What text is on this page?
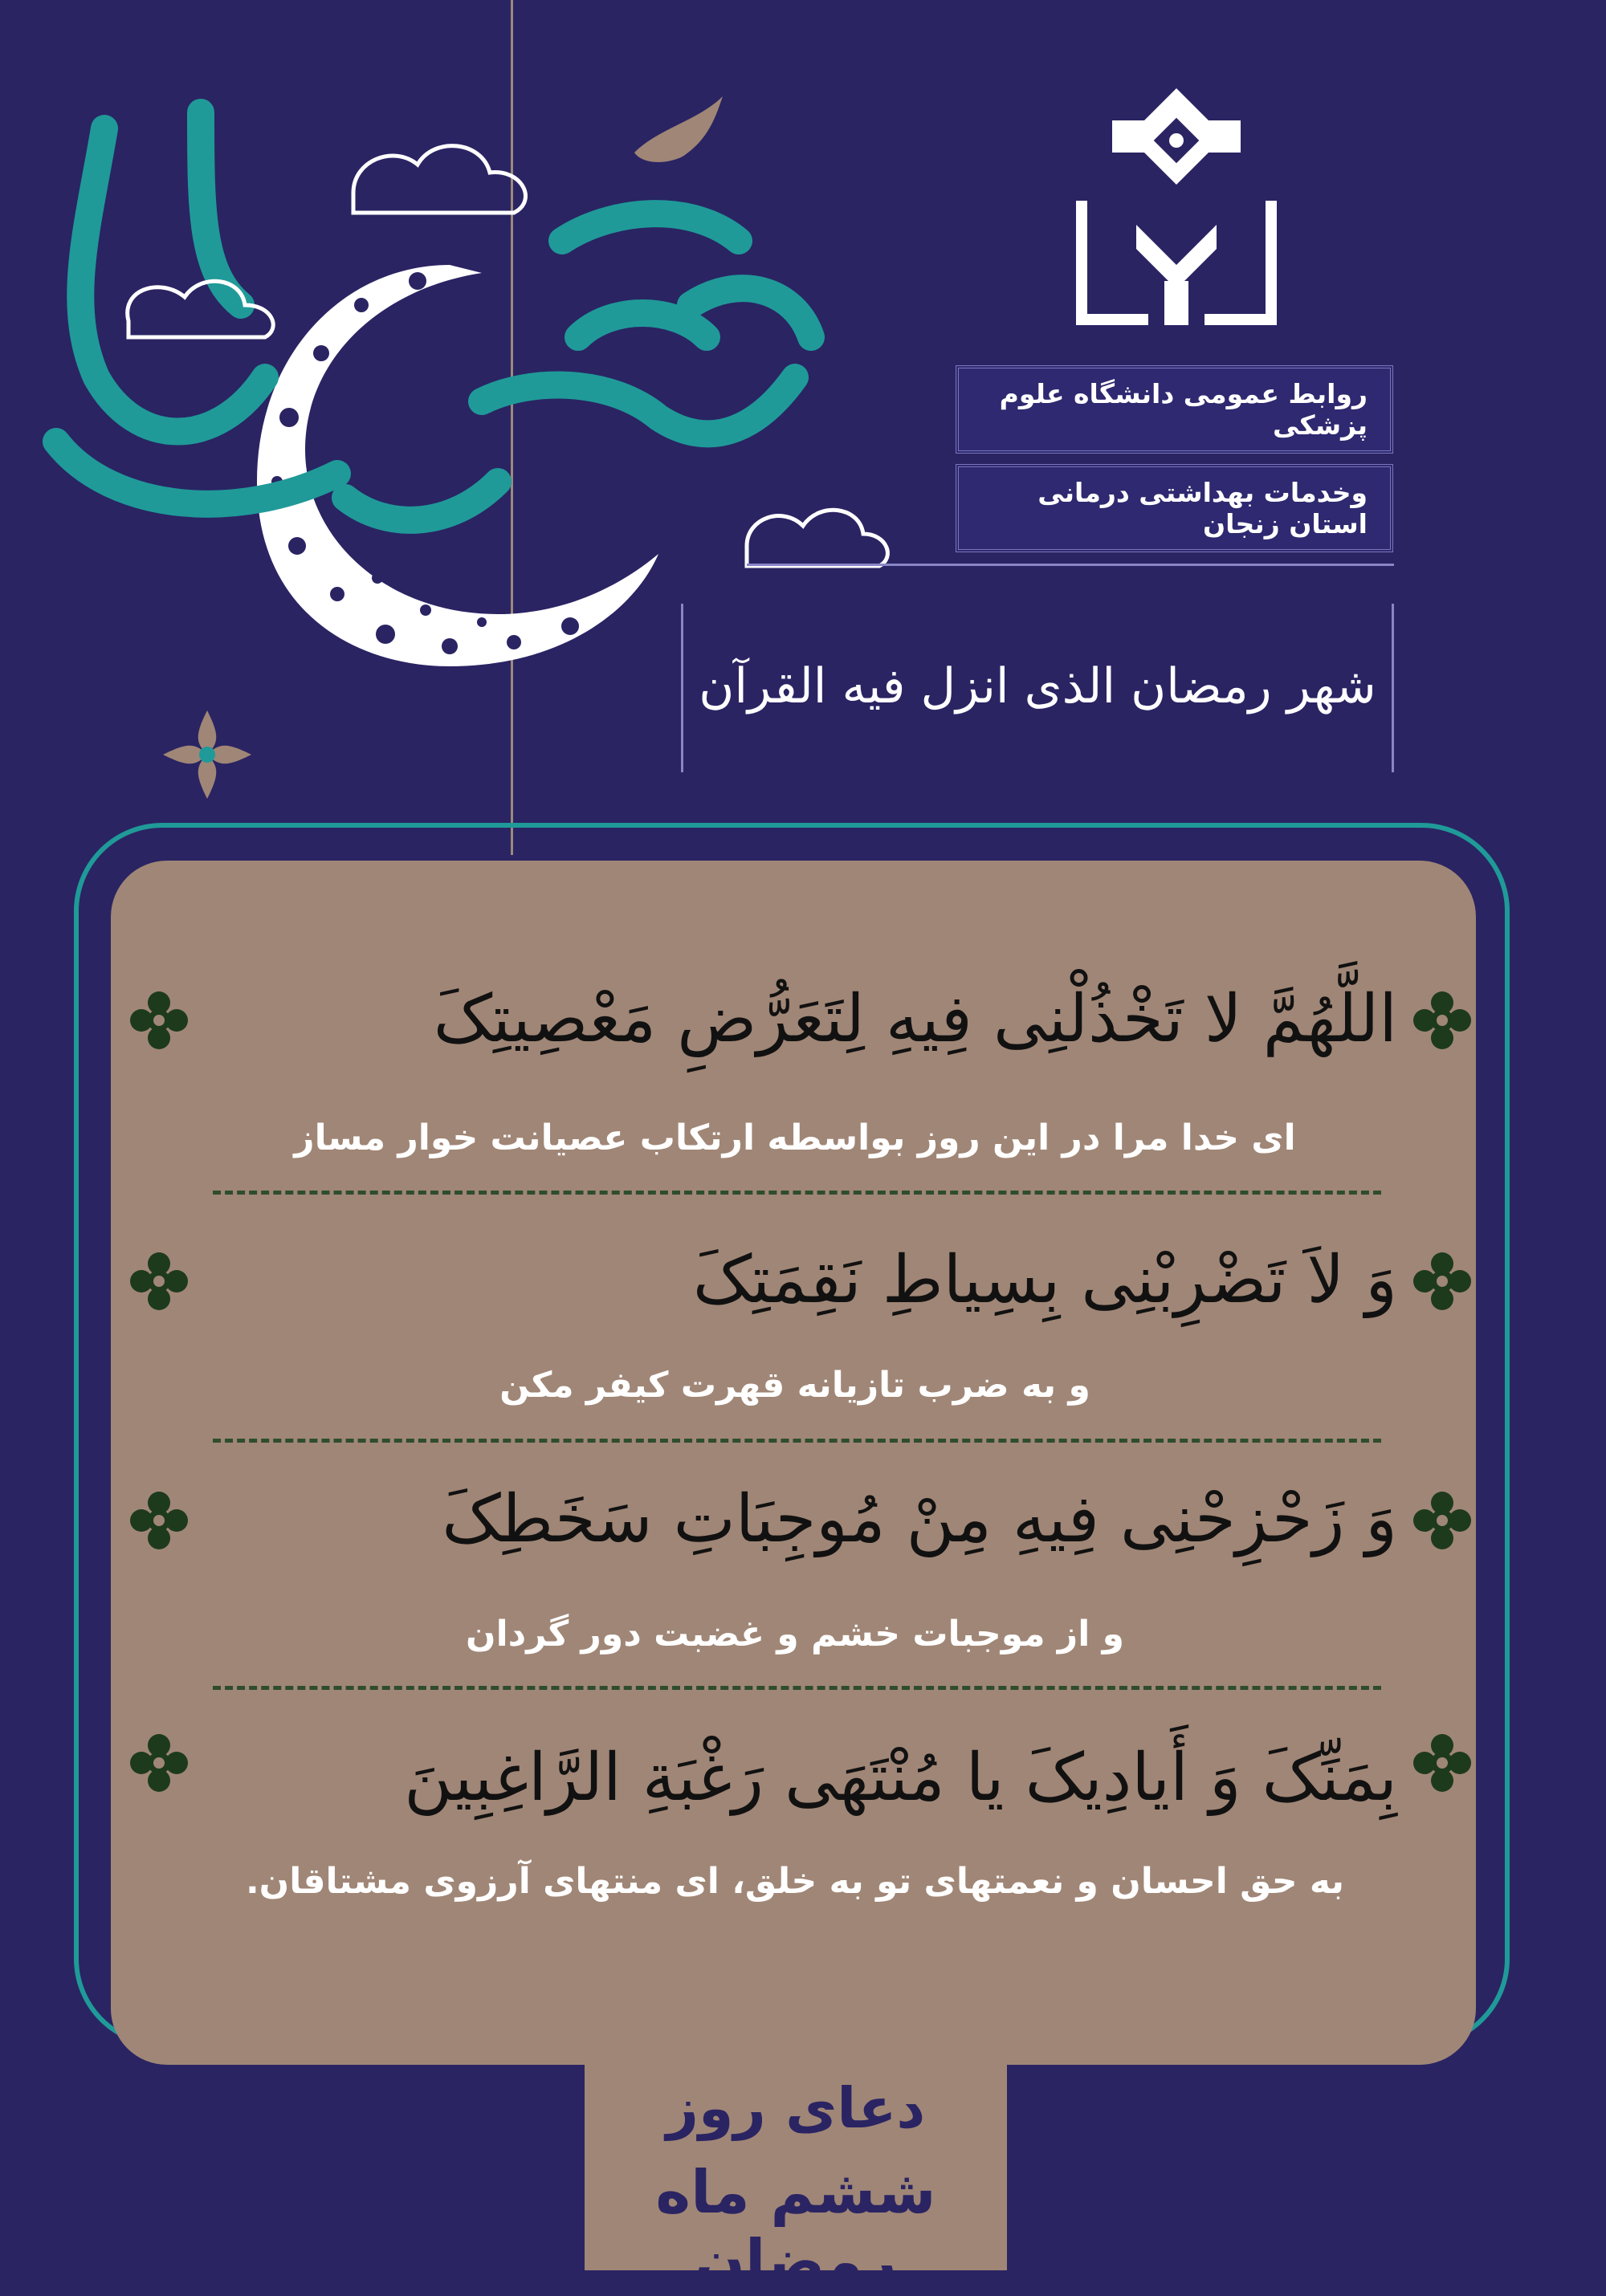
روابط عمومی دانشگاه علوم پزشکی
وخدمات بهداشتی درمانی استان زنجان
شهر رمضان الذی انزل فیه القرآن
اللَّهُمَّ لا تَخْذُلْنِی فِیهِ لِتَعَرُّضِ مَعْصِیتِکَ
ای خدا مرا در این روز بواسطه ارتکاب عصیانت خوار مساز
وَ لاَ تَضْرِبْنِی بِسِیاطِ نَقِمَتِکَ
و به ضرب تازیانه قهرت کیفر مکن
وَ زَحْزِحْنِی فِیهِ مِنْ مُوجِبَاتِ سَخَطِکَ
و از موجبات خشم و غضبت دور گردان
بِمَنِّکَ وَ أَیادِیکَ یا مُنْتَهَی رَغْبَةِ الرَّاغِبِینَ
به حق احسان و نعمتهای تو به خلق، ای منتهای آرزوی مشتاقان.
دعای روز
ششم ماه رمضان
